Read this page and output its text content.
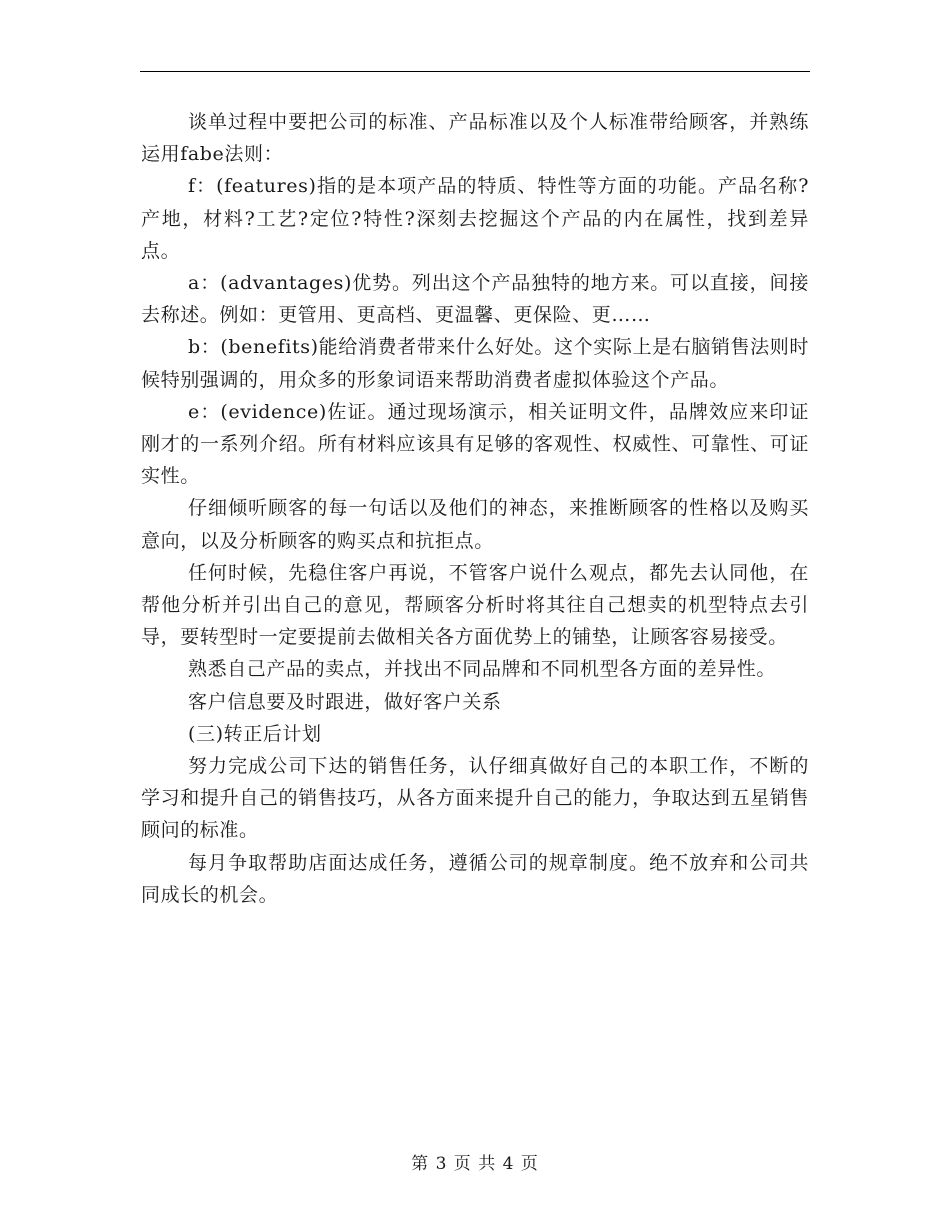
谈单过程中要把公司的标准、产品标准以及个人标准带给顾客，并熟练运用fabe法则：

f：(features)指的是本项产品的特质、特性等方面的功能。产品名称?产地，材料?工艺?定位?特性?深刻去挖掘这个产品的内在属性，找到差异点。

a：(advantages)优势。列出这个产品独特的地方来。可以直接，间接去称述。例如：更管用、更高档、更温馨、更保险、更……

b：(benefits)能给消费者带来什么好处。这个实际上是右脑销售法则时候特别强调的，用众多的形象词语来帮助消费者虚拟体验这个产品。

e：(evidence)佐证。通过现场演示，相关证明文件，品牌效应来印证刚才的一系列介绍。所有材料应该具有足够的客观性、权威性、可靠性、可证实性。

仔细倾听顾客的每一句话以及他们的神态，来推断顾客的性格以及购买意向，以及分析顾客的购买点和抗拒点。

任何时候，先稳住客户再说，不管客户说什么观点，都先去认同他，在帮他分析并引出自己的意见，帮顾客分析时将其往自己想卖的机型特点去引导，要转型时一定要提前去做相关各方面优势上的铺垫，让顾客容易接受。

熟悉自己产品的卖点，并找出不同品牌和不同机型各方面的差异性。

客户信息要及时跟进，做好客户关系

(三)转正后计划

努力完成公司下达的销售任务，认仔细真做好自己的本职工作，不断的学习和提升自己的销售技巧，从各方面来提升自己的能力，争取达到五星销售顾问的标准。

每月争取帮助店面达成任务，遵循公司的规章制度。绝不放弃和公司共同成长的机会。

第 3 页 共 4 页
